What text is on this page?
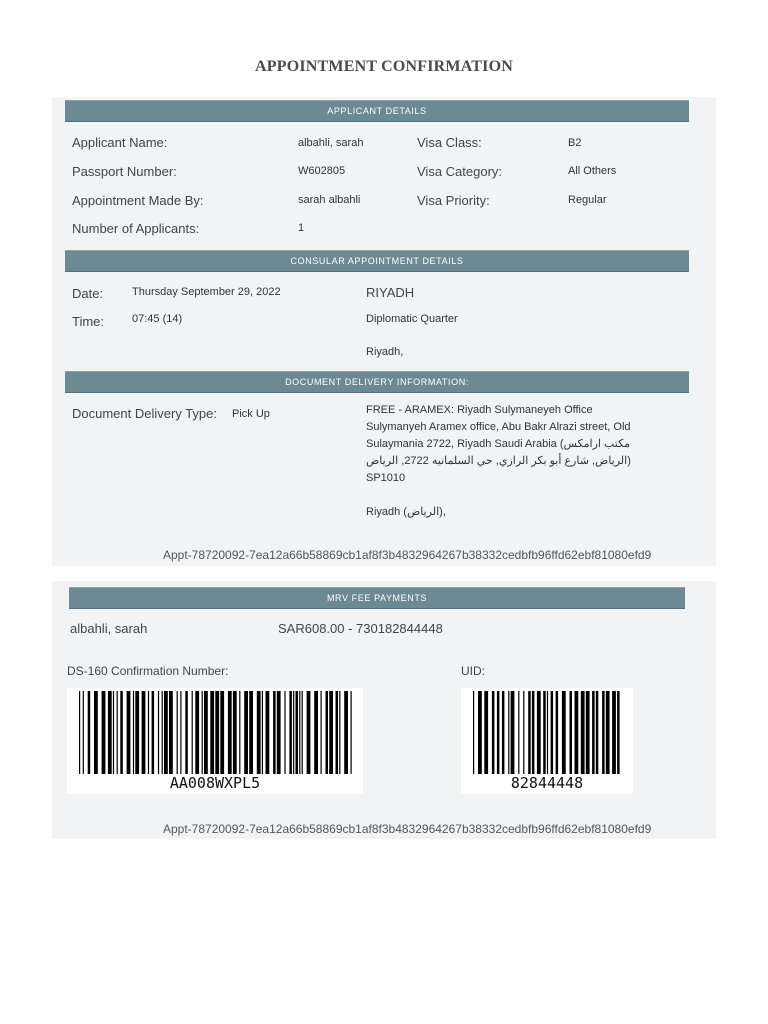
APPOINTMENT CONFIRMATION
APPLICANT DETAILS
Applicant Name:	albahli, sarah
Passport Number:	W602805
Appointment Made By:	sarah albahli
Number of Applicants:	1
Visa Class:	B2
Visa Category:	All Others
Visa Priority:	Regular
CONSULAR APPOINTMENT DETAILS
Date:	Thursday September 29, 2022
Time:	07:45 (14)
RIYADH
Diplomatic Quarter
Riyadh,
DOCUMENT DELIVERY INFORMATION:
Document Delivery Type: Pick Up	FREE - ARAMEX: Riyadh Sulymaneyeh Office Sulymanyeh Aramex office, Abu Bakr Alrazi street, Old Sulaymania 2722, Riyadh Saudi Arabia (مكتب ارامكس الرياض, شارع أبو بكر الرازي, حي السلمانيه 2722, الرياض) SP1010
Riyadh (الرياض),
Appt-78720092-7ea12a66b58869cb1af8f3b4832964267b38332cedbfb96ffd62ebf81080efd9
MRV FEE PAYMENTS
albahli, sarah	SAR608.00 - 730182844448
DS-160 Confirmation Number:	UID:
AA008WXPL5	82844448
Appt-78720092-7ea12a66b58869cb1af8f3b4832964267b38332cedbfb96ffd62ebf81080efd9
